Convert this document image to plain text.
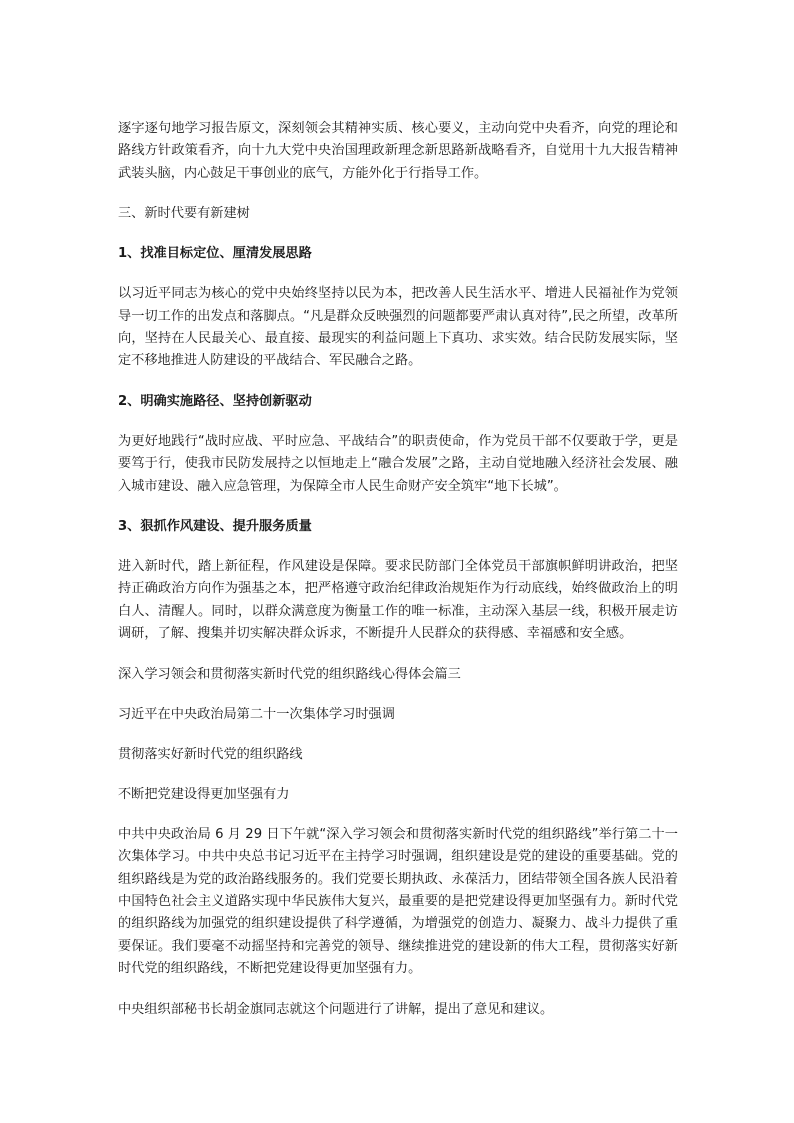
逐字逐句地学习报告原文，深刻领会其精神实质、核心要义，主动向党中央看齐，向党的理论和路线方针政策看齐，向十九大党中央治国理政新理念新思路新战略看齐，自觉用十九大报告精神武装头脑，内心鼓足干事创业的底气，方能外化于行指导工作。

三、新时代要有新建树

1、找准目标定位、厘清发展思路

以习近平同志为核心的党中央始终坚持以民为本，把改善人民生活水平、增进人民福祉作为党领导一切工作的出发点和落脚点。“凡是群众反映强烈的问题都要严肃认真对待”,民之所望，改革所向，坚持在人民最关心、最直接、最现实的利益问题上下真功、求实效。结合民防发展实际，坚定不移地推进人防建设的平战结合、军民融合之路。

2、明确实施路径、坚持创新驱动

为更好地践行“战时应战、平时应急、平战结合”的职责使命，作为党员干部不仅要敢于学，更是要笃于行，使我市民防发展持之以恒地走上“融合发展”之路，主动自觉地融入经济社会发展、融入城市建设、融入应急管理，为保障全市人民生命财产安全筑牢“地下长城”。

3、狠抓作风建设、提升服务质量

进入新时代，踏上新征程，作风建设是保障。要求民防部门全体党员干部旗帜鲜明讲政治，把坚持正确政治方向作为强基之本，把严格遵守政治纪律政治规矩作为行动底线，始终做政治上的明白人、清醒人。同时，以群众满意度为衡量工作的唯一标准，主动深入基层一线，积极开展走访调研，了解、搜集并切实解决群众诉求，不断提升人民群众的获得感、幸福感和安全感。

深入学习领会和贯彻落实新时代党的组织路线心得体会篇三

习近平在中央政治局第二十一次集体学习时强调

贯彻落实好新时代党的组织路线

不断把党建设得更加坚强有力

中共中央政治局 6 月 29 日下午就“深入学习领会和贯彻落实新时代党的组织路线”举行第二十一次集体学习。中共中央总书记习近平在主持学习时强调，组织建设是党的建设的重要基础。党的组织路线是为党的政治路线服务的。我们党要长期执政、永葆活力，团结带领全国各族人民沿着中国特色社会主义道路实现中华民族伟大复兴，最重要的是把党建设得更加坚强有力。新时代党的组织路线为加强党的组织建设提供了科学遵循，为增强党的创造力、凝聚力、战斗力提供了重要保证。我们要毫不动摇坚持和完善党的领导、继续推进党的建设新的伟大工程，贯彻落实好新时代党的组织路线，不断把党建设得更加坚强有力。

中央组织部秘书长胡金旗同志就这个问题进行了讲解，提出了意见和建议。
